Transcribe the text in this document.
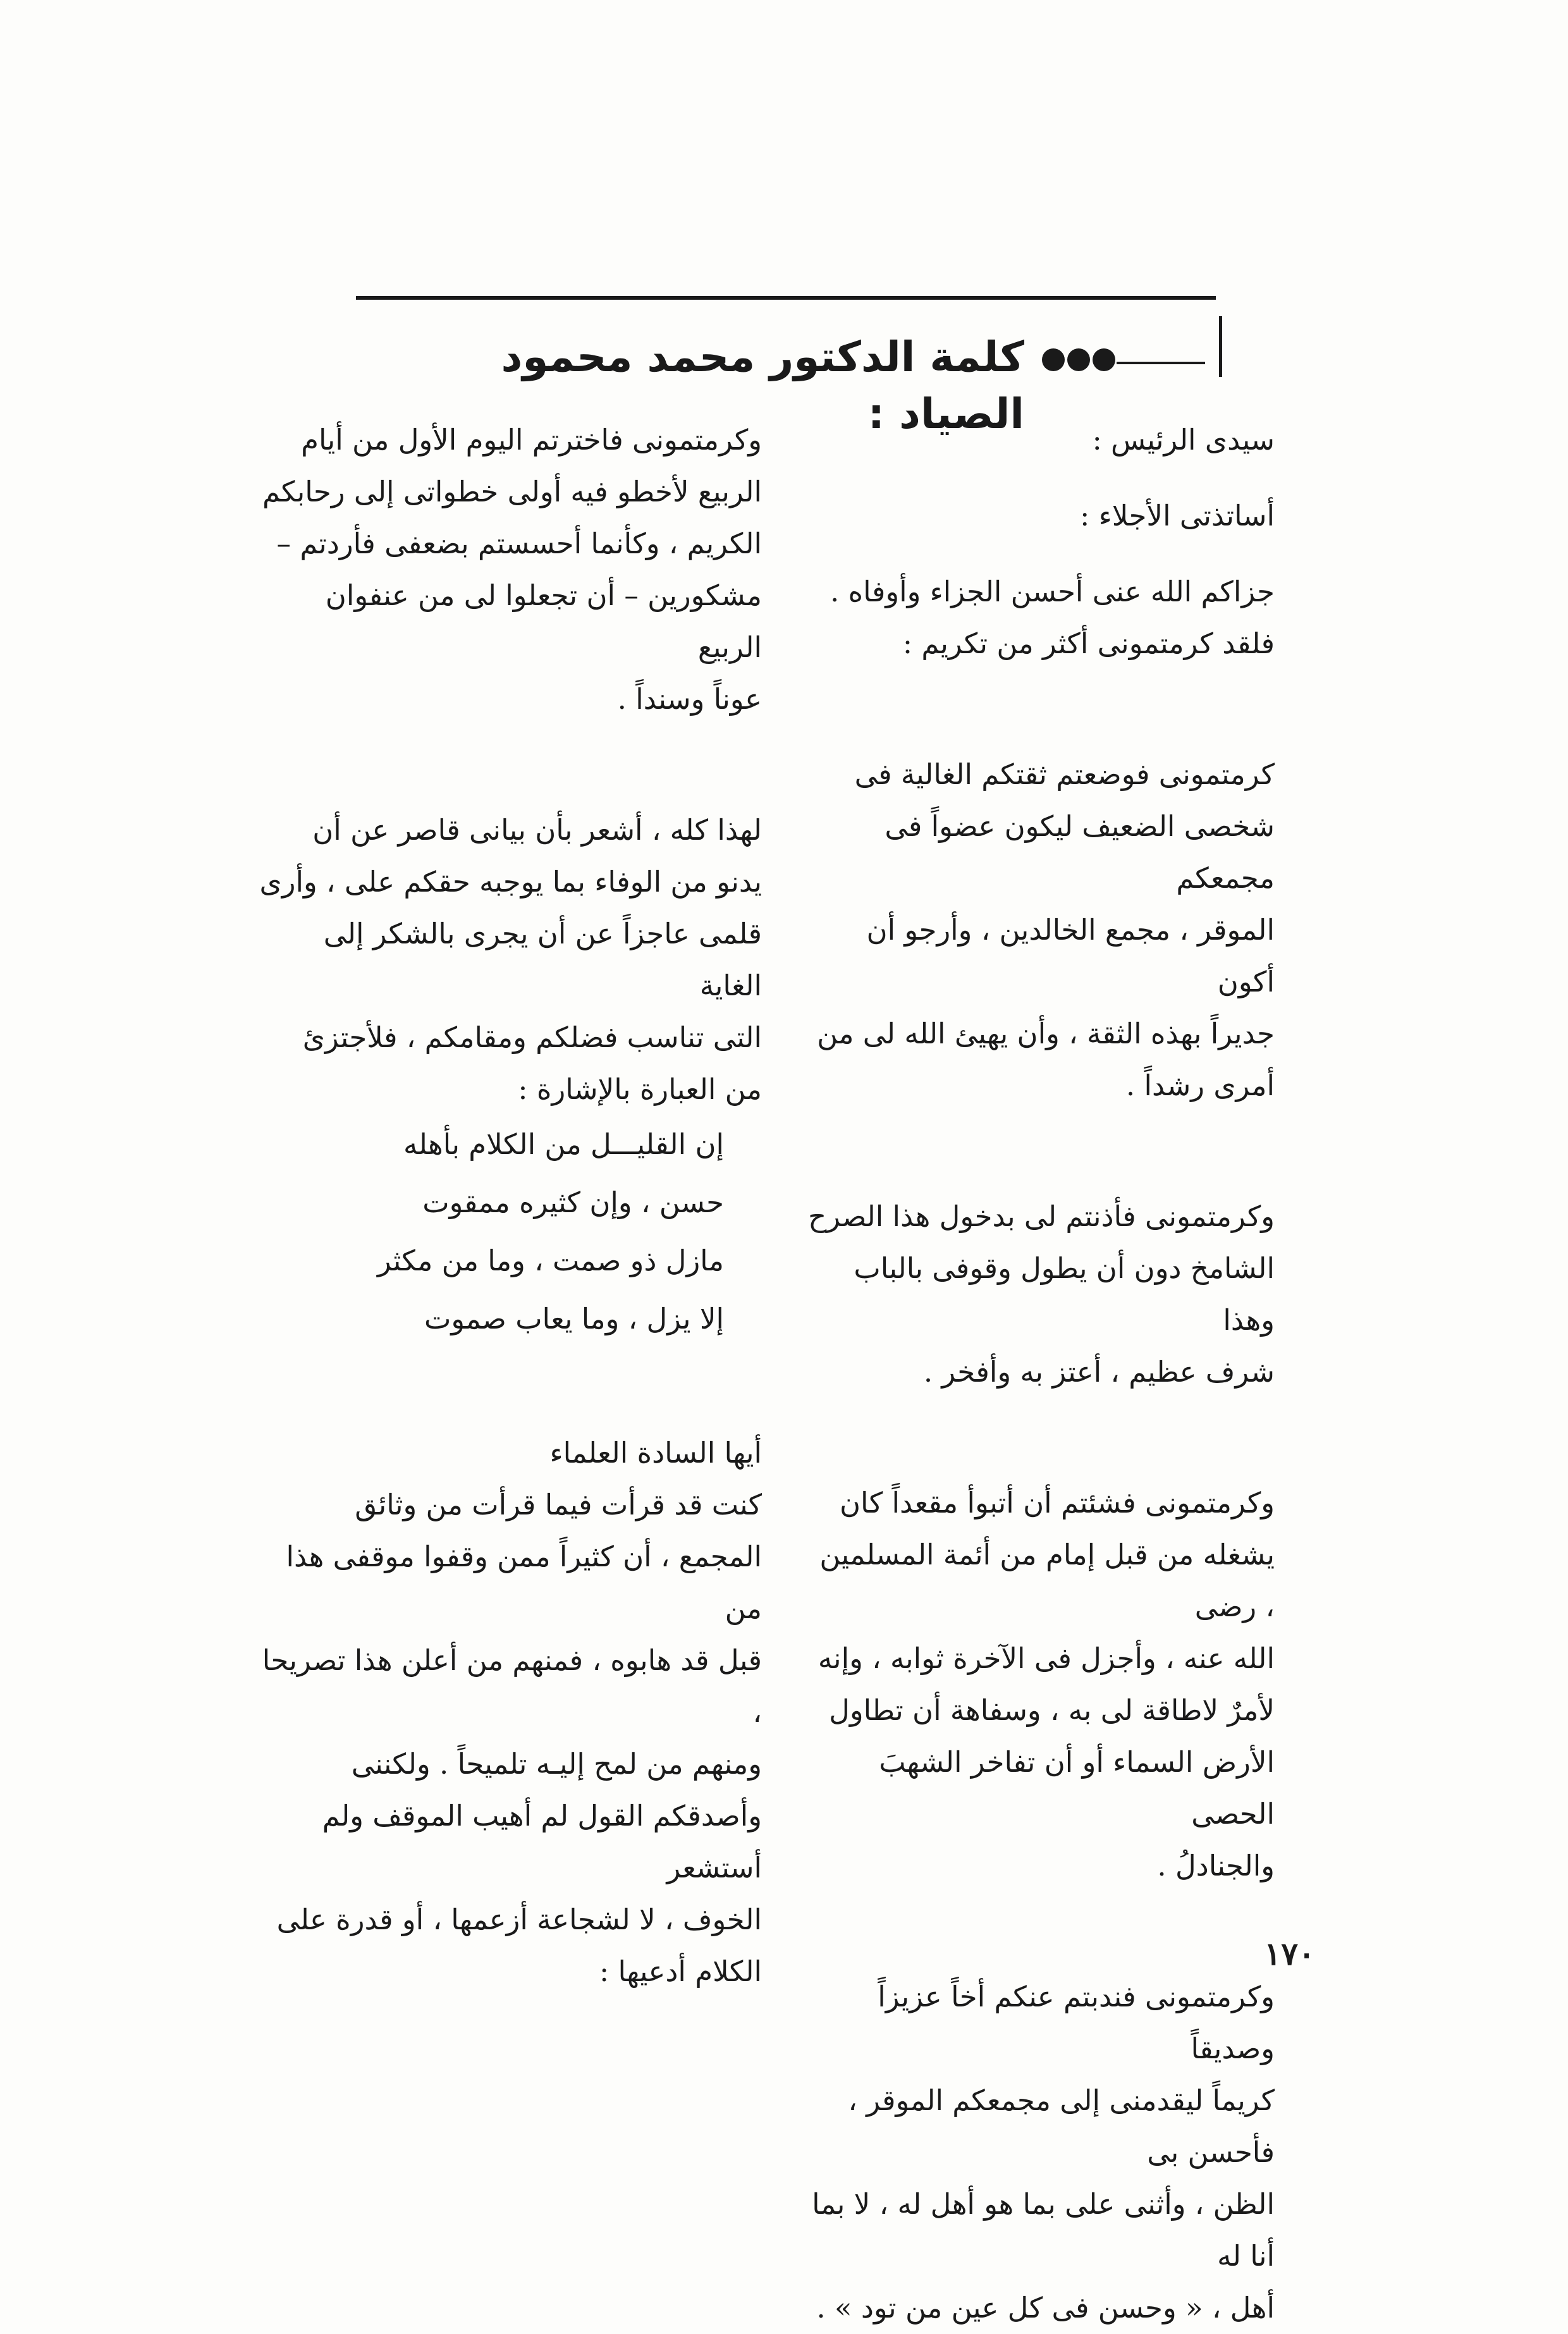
كلمة الدكتور محمد محمود الصياد :

سيدى الرئيس :

أساتذتى الأجلاء :

جزاكم الله عنى أحسن الجزاء وأوفاه .

فلقد كرمتمونى أكثر من تكريم :

كرمتمونى فوضعتم ثقتكم الغالية فى

شخصى الضعيف ليكون عضواً فى مجمعكم

الموقر ، مجمع الخالدين ، وأرجو أن أكون

جديراً بهذه الثقة ، وأن يهيئ الله لى من

أمرى رشداً .

وكرمتمونى فأذنتم لى بدخول هذا الصرح

الشامخ دون أن يطول وقوفى بالباب وهذا

شرف عظيم ، أعتز به وأفخر .

وكرمتمونى فشئتم أن أتبوأ مقعداً كان

يشغله من قبل إمام من أئمة المسلمين ، رضى

الله عنه ، وأجزل فى الآخرة ثوابه ، وإنه

لأمرٌ لاطاقة لى به ، وسفاهة أن تطاول

الأرض السماء أو أن تفاخر الشهبَ الحصى

والجنادلُ .

وكرمتمونى فندبتم عنكم أخاً عزيزاً وصديقاً

كريماً ليقدمنى إلى مجمعكم الموقر ، فأحسن بى

الظن ، وأثنى على بما هو أهل له ، لا بما أنا له

أهل ، « وحسن فى كل عين من تود » .

وكرمتمونى فاخترتم اليوم الأول من أيام

الربيع لأخطو فيه أولى خطواتى إلى رحابكم

الكريم ، وكأنما أحسستم بضعفى فأردتم –

مشكورين – أن تجعلوا لى من عنفوان الربيع

عوناً وسنداً .

لهذا كله ، أشعر بأن بيانى قاصر عن أن

يدنو من الوفاء بما يوجبه حقكم على ، وأرى

قلمى عاجزاً عن أن يجرى بالشكر إلى الغاية

التى تناسب فضلكم ومقامكم ، فلأجتزئ

من العبارة بالإشارة :

إن القليـــل من الكلام بأهله
حسن ، وإن كثيره ممقوت
مازل ذو صمت ، وما من مكثر
إلا يزل ، وما يعاب صموت

أيها السادة العلماء

كنت قد قرأت فيما قرأت من وثائق

المجمع ، أن كثيراً ممن وقفوا موقفى هذا من

قبل قد هابوه ، فمنهم من أعلن هذا تصريحا ،

ومنهم من لمح إليـه تلميحاً . ولكننى

وأصدقكم القول لم أهيب الموقف ولم أستشعر

الخوف ، لا لشجاعة أزعمها ، أو قدرة على

الكلام أدعيها :	١٧٠
